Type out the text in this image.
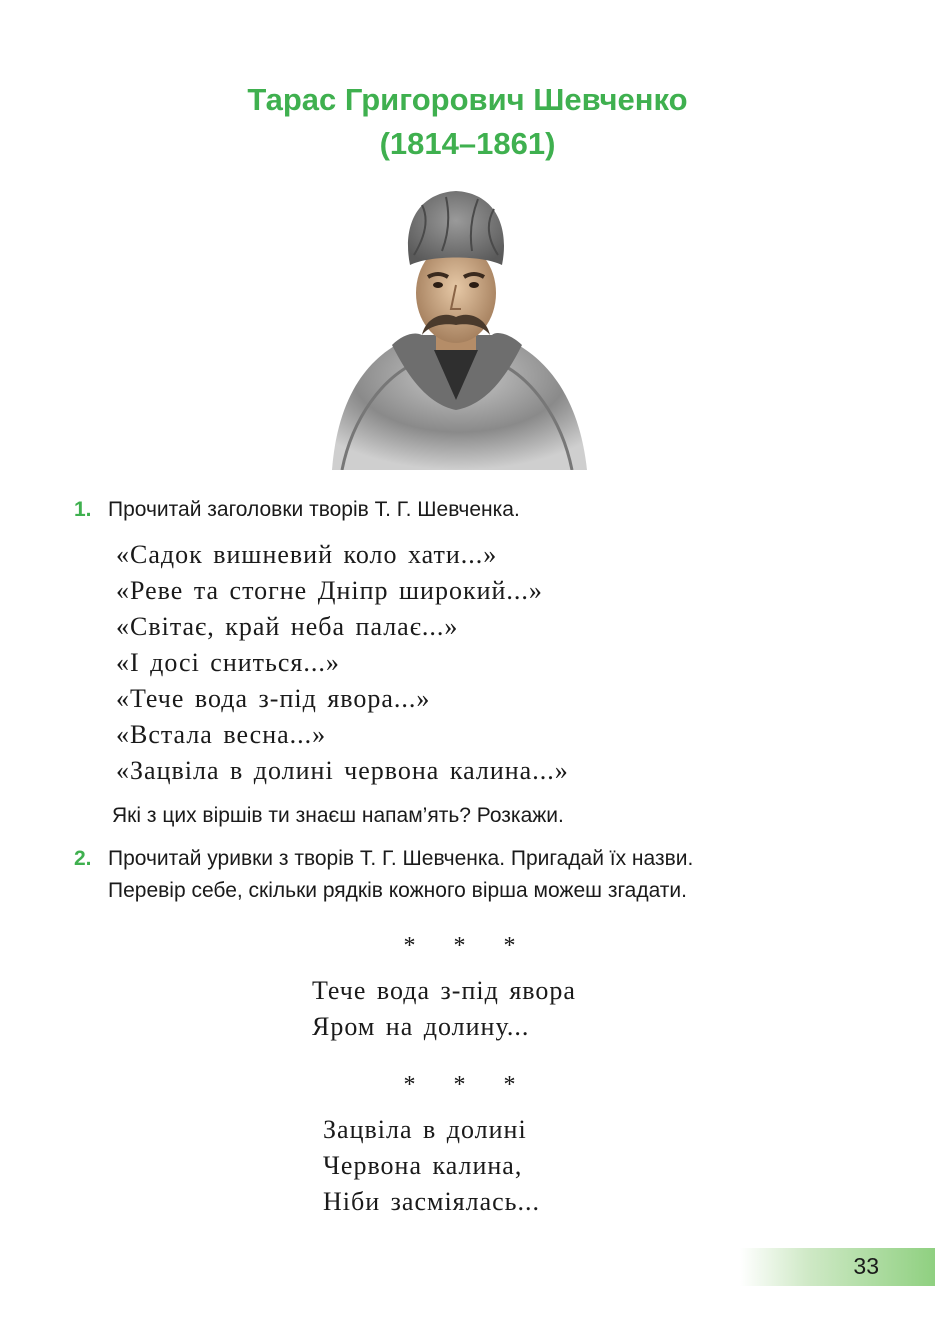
Тарас Григорович Шевченко
(1814–1861)
1. Прочитай заголовки творів Т. Г. Шевченка.
«Садок вишневий коло хати...»
«Реве та стогне Дніпр широкий...»
«Світає, край неба палає...»
«І досі сниться...»
«Тече вода з-під явора...»
«Встала весна...»
«Зацвіла в долині червона калина...»
Які з цих віршів ти знаєш напам’ять? Розкажи.
2. Прочитай уривки з творів Т. Г. Шевченка. Пригадай їх назви.
Перевір себе, скільки рядків кожного вірша можеш згадати.
* * *
Тече вода з-під явора
Яром на долину...
* * *
Зацвіла в долині
Червона калина,
Ніби засміялась...
33
